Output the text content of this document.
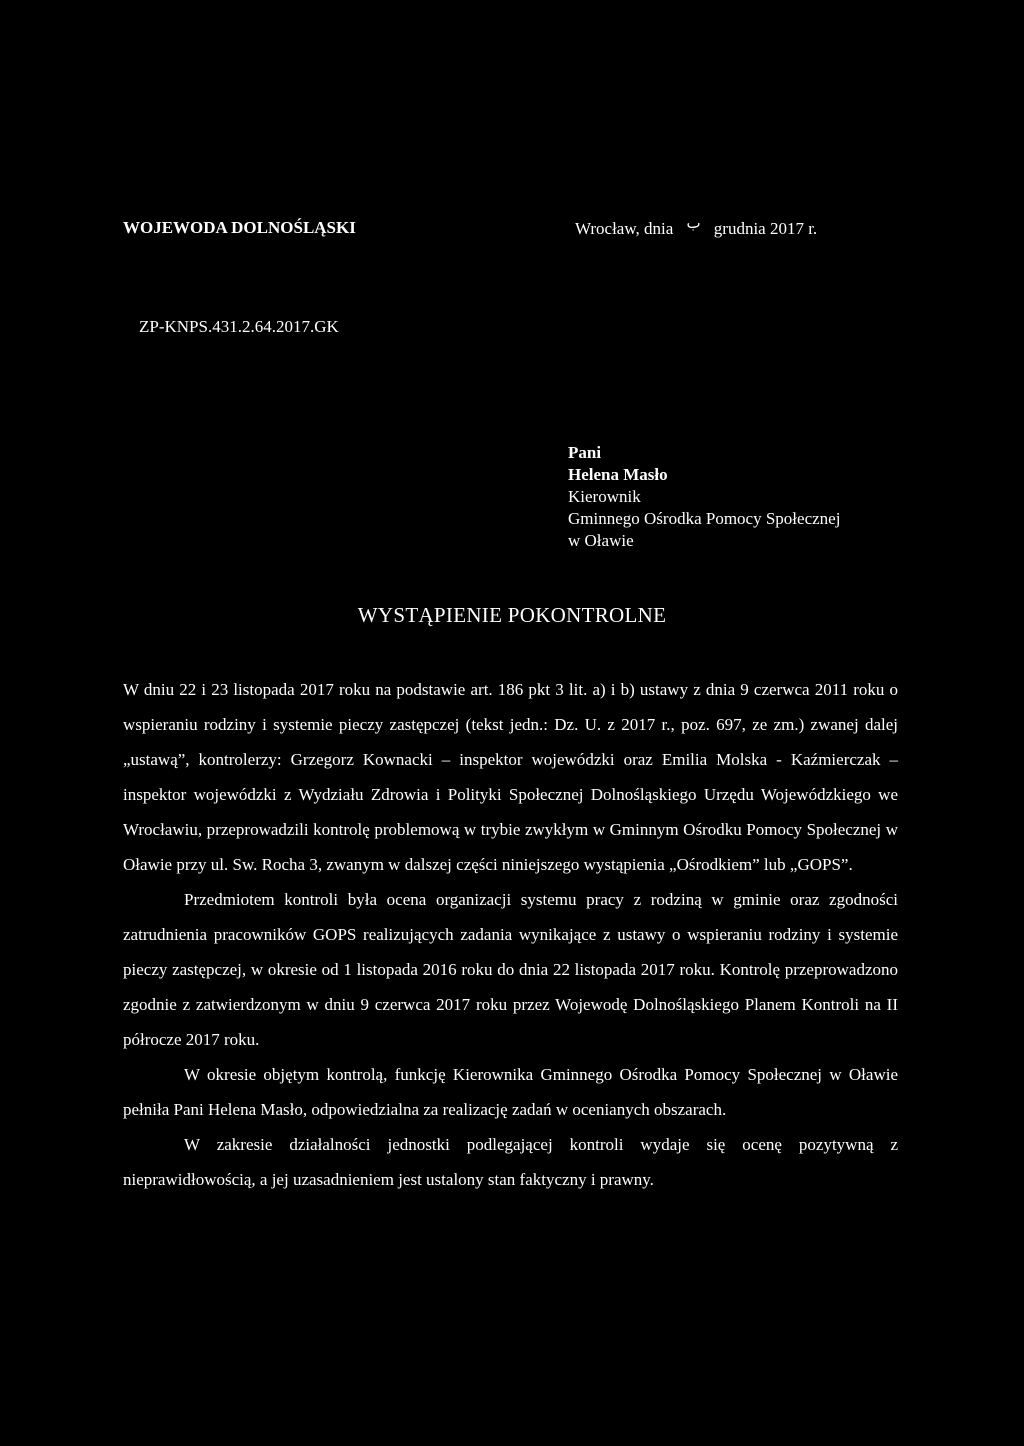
WOJEWODA DOLNOŚLĄSKI	Wrocław, dnia ب grudnia 2017 r.
ZP-KNPS.431.2.64.2017.GK
Pani
Helena Masło
Kierownik
Gminnego Ośrodka Pomocy Społecznej
w Oławie
WYSTĄPIENIE POKONTROLNE

W dniu 22 i 23 listopada 2017 roku na podstawie art. 186 pkt 3 lit. a) i b) ustawy z dnia 9 czerwca 2011 roku o wspieraniu rodziny i systemie pieczy zastępczej (tekst jedn.: Dz. U. z 2017 r., poz. 697, ze zm.) zwanej dalej „ustawą”, kontrolerzy: Grzegorz Kownacki – inspektor wojewódzki oraz Emilia Molska - Kaźmierczak – inspektor wojewódzki z Wydziału Zdrowia i Polityki Społecznej Dolnośląskiego Urzędu Wojewódzkiego we Wrocławiu, przeprowadzili kontrolę problemową w trybie zwykłym w Gminnym Ośrodku Pomocy Społecznej w Oławie przy ul. Sw. Rocha 3, zwanym w dalszej części niniejszego wystąpienia „Ośrodkiem” lub „GOPS”.

Przedmiotem kontroli była ocena organizacji systemu pracy z rodziną w gminie oraz zgodności zatrudnienia pracowników GOPS realizujących zadania wynikające z ustawy o wspieraniu rodziny i systemie pieczy zastępczej, w okresie od 1 listopada 2016 roku do dnia 22 listopada 2017 roku. Kontrolę przeprowadzono zgodnie z zatwierdzonym w dniu 9 czerwca 2017 roku przez Wojewodę Dolnośląskiego Planem Kontroli na II półrocze 2017 roku.

W okresie objętym kontrolą, funkcję Kierownika Gminnego Ośrodka Pomocy Społecznej w Oławie pełniła Pani Helena Masło, odpowiedzialna za realizację zadań w ocenianych obszarach.

W zakresie działalności jednostki podlegającej kontroli wydaje się ocenę pozytywną z nieprawidłowością, a jej uzasadnieniem jest ustalony stan faktyczny i prawny.
